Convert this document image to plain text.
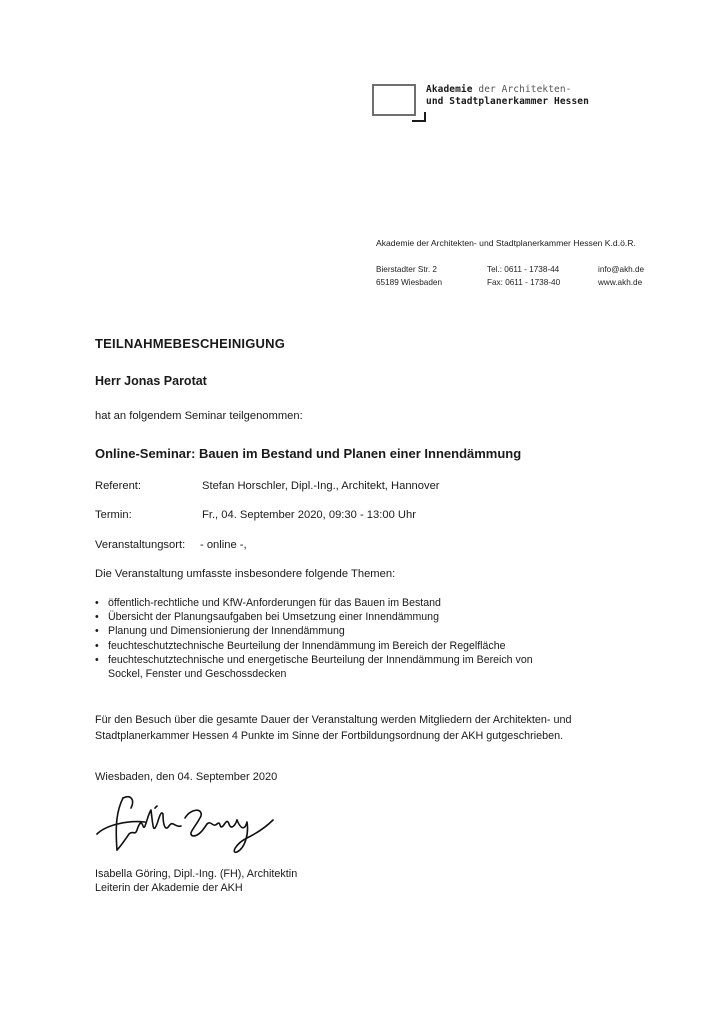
Akademie der Architekten-
und Stadtplanerkammer Hessen
Akademie der Architekten- und Stadtplanerkammer Hessen K.d.ö.R.
Bierstadter Str. 2
65189 Wiesbaden
Tel.: 0611 - 1738-44
Fax: 0611 - 1738-40
info@akh.de
www.akh.de
TEILNAHMEBESCHEINIGUNG
Herr Jonas Parotat
hat an folgendem Seminar teilgenommen:
Online-Seminar: Bauen im Bestand und Planen einer Innendämmung
Referent:	Stefan Horschler, Dipl.-Ing., Architekt, Hannover
Termin:	Fr., 04. September 2020, 09:30 - 13:00 Uhr
Veranstaltungsort: - online -,
Die Veranstaltung umfasste insbesondere folgende Themen:
• öffentlich-rechtliche und KfW-Anforderungen für das Bauen im Bestand
• Übersicht der Planungsaufgaben bei Umsetzung einer Innendämmung
• Planung und Dimensionierung der Innendämmung
• feuchteschutztechnische Beurteilung der Innendämmung im Bereich der Regelfläche
• feuchteschutztechnische und energetische Beurteilung der Innendämmung im Bereich von
Sockel, Fenster und Geschossdecken
Für den Besuch über die gesamte Dauer der Veranstaltung werden Mitgliedern der Architekten- und
Stadtplanerkammer Hessen 4 Punkte im Sinne der Fortbildungsordnung der AKH gutgeschrieben.
Wiesbaden, den 04. September 2020
Isabella Göring, Dipl.-Ing. (FH), Architektin
Leiterin der Akademie der AKH
